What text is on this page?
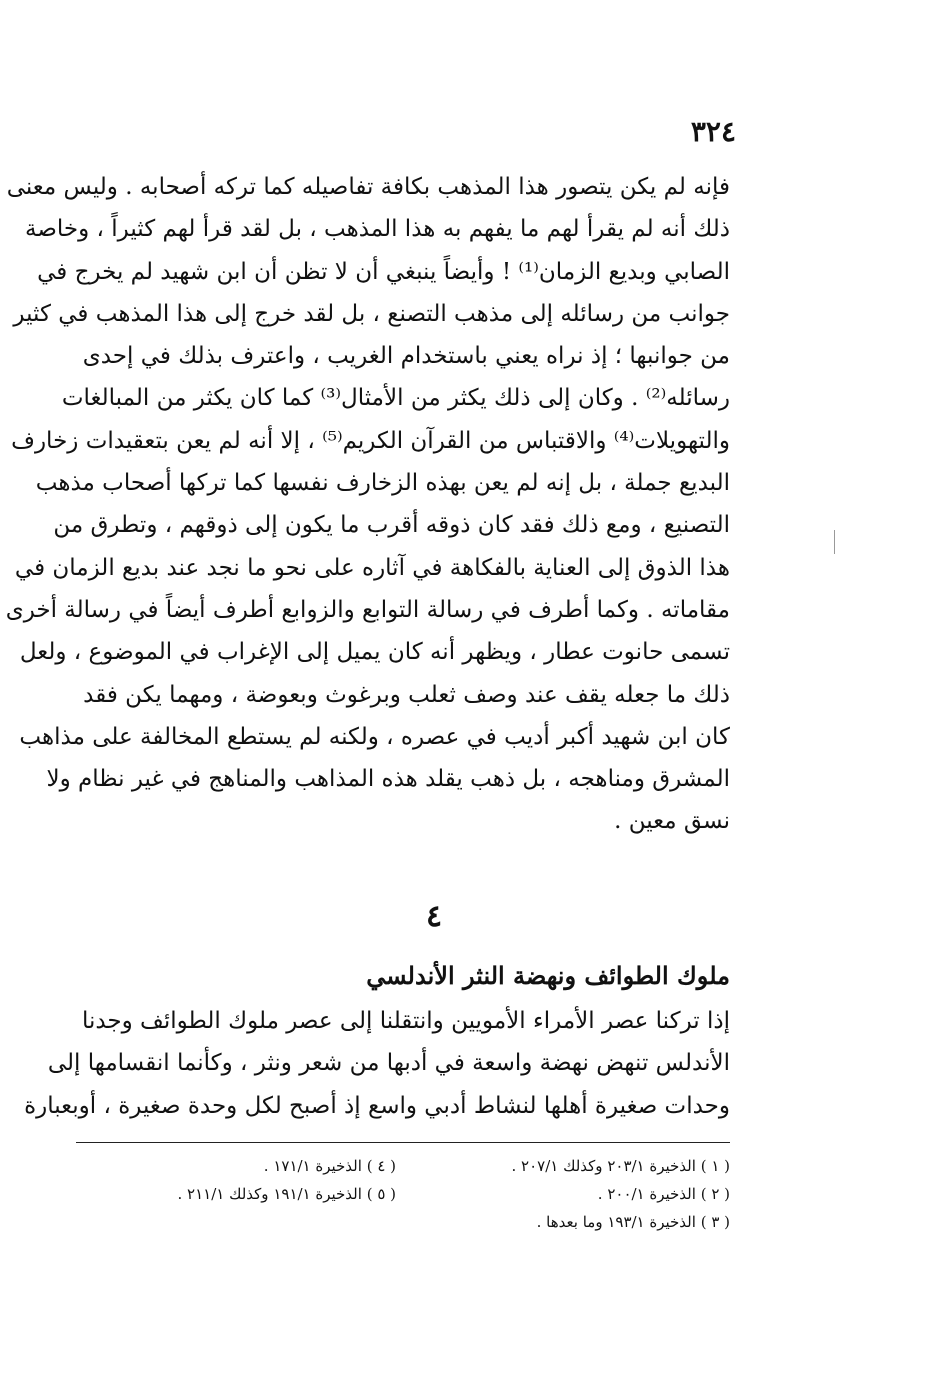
٣٢٤
فإنه لم يكن يتصور هذا المذهب بكافة تفاصيله كما تركه أصحابه . وليس معنى
ذلك أنه لم يقرأ لهم ما يفهم به هذا المذهب ، بل لقد قرأ لهم كثيراً ، وخاصة
الصابي وبديع الزمان⁽¹⁾ ! وأيضاً ينبغي أن لا تظن أن ابن شهيد لم يخرج في
جوانب من رسائله إلى مذهب التصنع ، بل لقد خرج إلى هذا المذهب في كثير
من جوانبها ؛ إذ نراه يعني باستخدام الغريب ، واعترف بذلك في إحدى
رسائله⁽²⁾ . وكان إلى ذلك يكثر من الأمثال⁽³⁾ كما كان يكثر من المبالغات
والتهويلات⁽⁴⁾ والاقتباس من القرآن الكريم⁽⁵⁾ ، إلا أنه لم يعن بتعقيدات زخارف
البديع جملة ، بل إنه لم يعن بهذه الزخارف نفسها كما تركها أصحاب مذهب
التصنيع ، ومع ذلك فقد كان ذوقه أقرب ما يكون إلى ذوقهم ، وتطرق من
هذا الذوق إلى العناية بالفكاهة في آثاره على نحو ما نجد عند بديع الزمان في
مقاماته . وكما أطرف في رسالة التوابع والزوابع أطرف أيضاً في رسالة أخرى
تسمى حانوت عطار ، ويظهر أنه كان يميل إلى الإغراب في الموضوع ، ولعل
ذلك ما جعله يقف عند وصف ثعلب وبرغوث وبعوضة ، ومهما يكن فقد
كان ابن شهيد أكبر أديب في عصره ، ولكنه لم يستطع المخالفة على مذاهب
المشرق ومناهجه ، بل ذهب يقلد هذه المذاهب والمناهج في غير نظام ولا
نسق معين .
٤
ملوك الطوائف ونهضة النثر الأندلسي
إذا تركنا عصر الأمراء الأمويين وانتقلنا إلى عصر ملوك الطوائف وجدنا
الأندلس تنهض نهضة واسعة في أدبها من شعر ونثر ، وكأنما انقسامها إلى
وحدات صغيرة أهلها لنشاط أدبي واسع إذ أصبح لكل وحدة صغيرة ، أوبعبارة
( ١ ) الذخيرة ٢٠٣/١ وكذلك ٢٠٧/١ .
( ٤ ) الذخيرة ١٧١/١ .
( ٢ ) الذخيرة ٢٠٠/١ .
( ٥ ) الذخيرة ١٩١/١ وكذلك ٢١١/١ .
( ٣ ) الذخيرة ١٩٣/١ وما بعدها .
